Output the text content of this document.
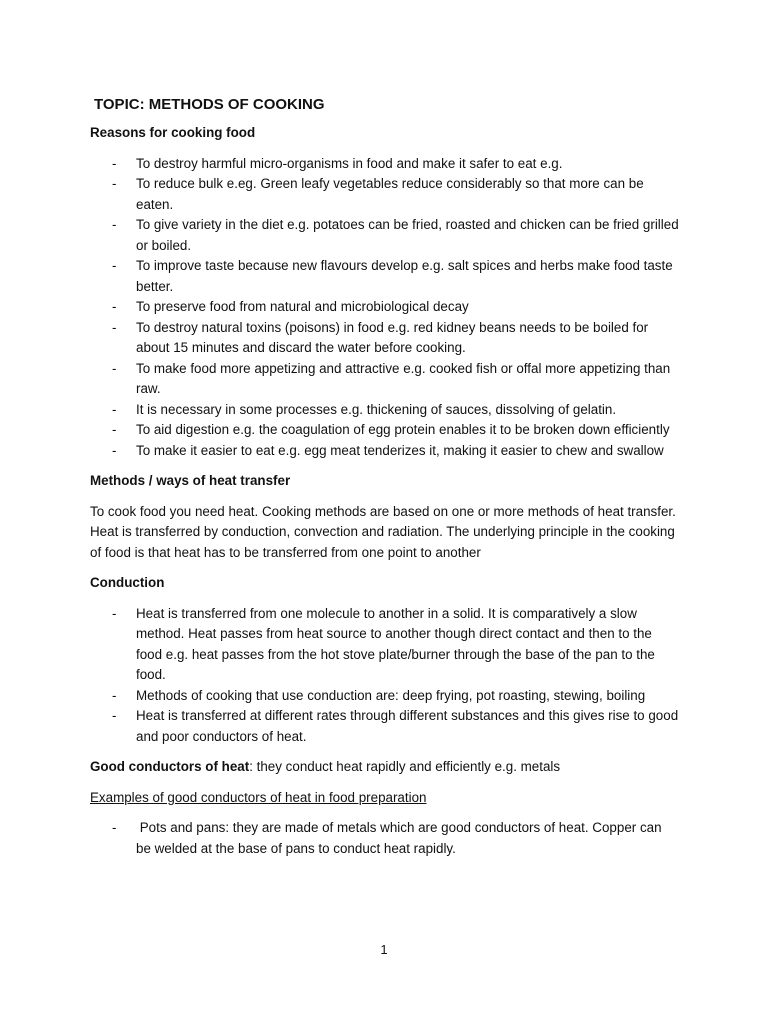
TOPIC: METHODS OF COOKING
Reasons for cooking food
- To destroy harmful micro-organisms in food and make it safer to eat e.g.
- To reduce bulk e.eg. Green leafy vegetables reduce considerably so that more can be eaten.
- To give variety in the diet e.g. potatoes can be fried, roasted and chicken can be fried grilled or boiled.
- To improve taste because new flavours develop e.g. salt spices and herbs make food taste better.
- To preserve food from natural and microbiological decay
- To destroy natural toxins (poisons) in food e.g. red kidney beans needs to be boiled for about 15 minutes and discard the water before cooking.
- To make food more appetizing and attractive e.g. cooked fish or offal more appetizing than raw.
- It is necessary in some processes e.g. thickening of sauces, dissolving of gelatin.
- To aid digestion e.g. the coagulation of egg protein enables it to be broken down efficiently
- To make it easier to eat e.g. egg meat tenderizes it, making it easier to chew and swallow
Methods / ways of heat transfer
To cook food you need heat. Cooking methods are based on one or more methods of heat transfer. Heat is transferred by conduction, convection and radiation. The underlying principle in the cooking of food is that heat has to be transferred from one point to another
Conduction
- Heat is transferred from one molecule to another in a solid. It is comparatively a slow method. Heat passes from heat source to another though direct contact and then to the food e.g. heat passes from the hot stove plate/burner through the base of the pan to the food.
- Methods of cooking that use conduction are: deep frying, pot roasting, stewing, boiling
- Heat is transferred at different rates through different substances and this gives rise to good and poor conductors of heat.
Good conductors of heat: they conduct heat rapidly and efficiently e.g. metals
Examples of good conductors of heat in food preparation
-  Pots and pans: they are made of metals which are good conductors of heat. Copper can be welded at the base of pans to conduct heat rapidly.
1
